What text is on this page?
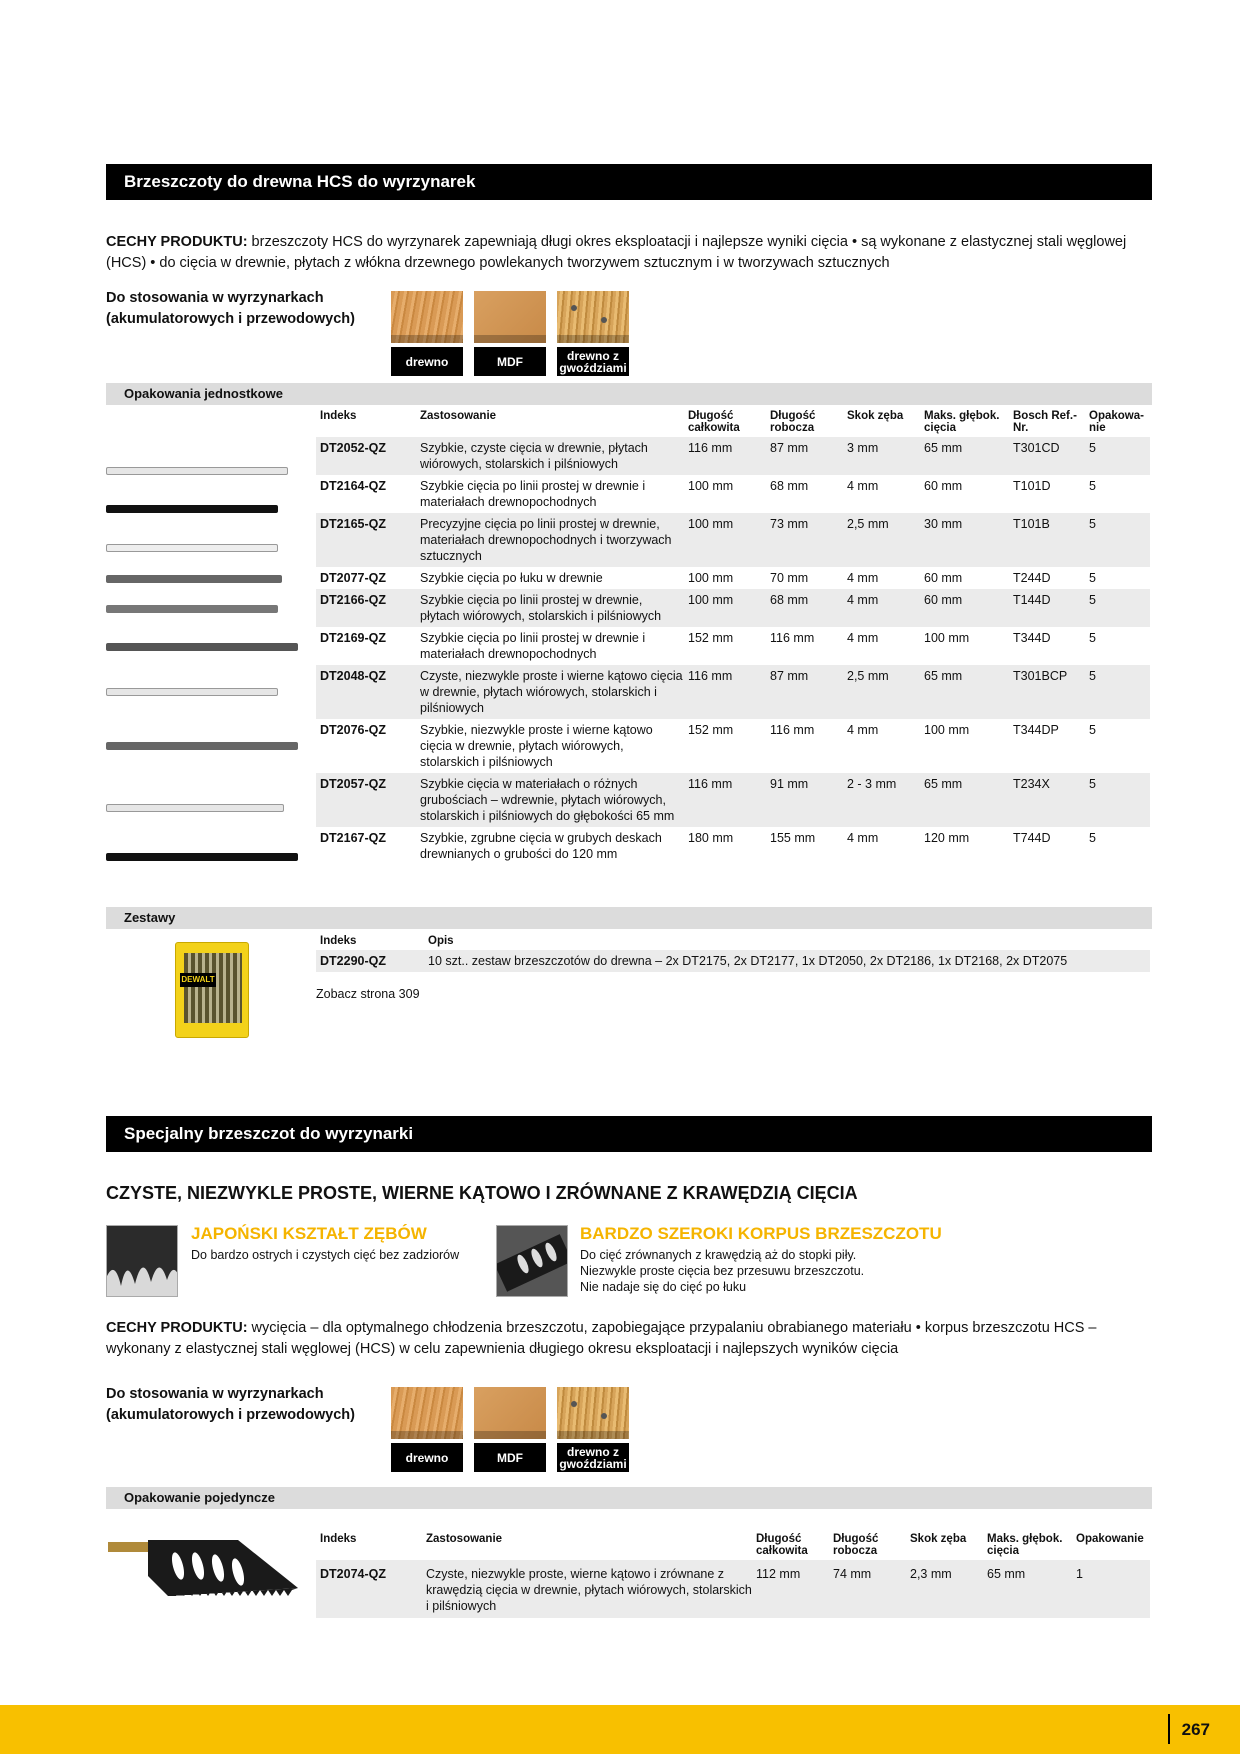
Brzeszczoty do drewna HCS do wyrzynarek
CECHY PRODUKTU: brzeszczoty HCS do wyrzynarek zapewniają długi okres eksploatacji i najlepsze wyniki cięcia • są wykonane z elastycznej stali węglowej (HCS) • do cięcia w drewnie, płytach z włókna drzewnego powlekanych tworzywem sztucznym i w tworzywach sztucznych
Do stosowania w wyrzynarkach
(akumulatorowych i przewodowych)
drewno	MDF	drewno z gwoździami
Opakowania jednostkowe
Indeks	Zastosowanie	Długość całkowita	Długość robocza	Skok zęba	Maks. głębok. cięcia	Bosch Ref.-Nr.	Opakowa-nie
DT2052-QZ	Szybkie, czyste cięcia w drewnie, płytach wiórowych, stolarskich i pilśniowych	116 mm	87 mm	3 mm	65 mm	T301CD	5
DT2164-QZ	Szybkie cięcia po linii prostej w drewnie i materiałach drewnopochodnych	100 mm	68 mm	4 mm	60 mm	T101D	5
DT2165-QZ	Precyzyjne cięcia po linii prostej w drewnie, materiałach drewnopochodnych i tworzywach sztucznych	100 mm	73 mm	2,5 mm	30 mm	T101B	5
DT2077-QZ	Szybkie cięcia po łuku w drewnie	100 mm	70 mm	4 mm	60 mm	T244D	5
DT2166-QZ	Szybkie cięcia po linii prostej w drewnie, płytach wiórowych, stolarskich i pilśniowych	100 mm	68 mm	4 mm	60 mm	T144D	5
DT2169-QZ	Szybkie cięcia po linii prostej w drewnie i materiałach drewnopochodnych	152 mm	116 mm	4 mm	100 mm	T344D	5
DT2048-QZ	Czyste, niezwykle proste i wierne kątowo cięcia w drewnie, płytach wiórowych, stolarskich i pilśniowych	116 mm	87 mm	2,5 mm	65 mm	T301BCP	5
DT2076-QZ	Szybkie, niezwykle proste i wierne kątowo cięcia w drewnie, płytach wiórowych, stolarskich i pilśniowych	152 mm	116 mm	4 mm	100 mm	T344DP	5
DT2057-QZ	Szybkie cięcia w materiałach o różnych grubościach – wdrewnie, płytach wiórowych, stolarskich i pilśniowych do głębokości 65 mm	116 mm	91 mm	2 - 3 mm	65 mm	T234X	5
DT2167-QZ	Szybkie, zgrubne cięcia w grubych deskach drewnianych o grubości do 120 mm	180 mm	155 mm	4 mm	120 mm	T744D	5
Zestawy
DEWALT
Indeks	Opis
DT2290-QZ	10 szt.. zestaw brzeszczotów do drewna – 2x DT2175, 2x DT2177, 1x DT2050, 2x DT2186, 1x DT2168, 2x DT2075
Zobacz strona 309
Specjalny brzeszczot do wyrzynarki
CZYSTE, NIEZWYKLE PROSTE, WIERNE KĄTOWO I ZRÓWNANE Z KRAWĘDZIĄ CIĘCIA
JAPOŃSKI KSZTAŁT ZĘBÓW
Do bardzo ostrych i czystych cięć bez zadziorów
BARDZO SZEROKI KORPUS BRZESZCZOTU
Do cięć zrównanych z krawędzią aż do stopki piły.
Niezwykle proste cięcia bez przesuwu brzeszczotu.
Nie nadaje się do cięć po łuku
CECHY PRODUKTU: wycięcia – dla optymalnego chłodzenia brzeszczotu, zapobiegające przypalaniu obrabianego materiału • korpus brzeszczotu HCS – wykonany z elastycznej stali węglowej (HCS) w celu zapewnienia długiego okresu eksploatacji i najlepszych wyników cięcia
Do stosowania w wyrzynarkach
(akumulatorowych i przewodowych)
drewno	MDF	drewno z gwoździami
Opakowanie pojedyncze
Indeks	Zastosowanie	Długość całkowita	Długość robocza	Skok zęba	Maks. głębok. cięcia	Opakowanie
DT2074-QZ	Czyste, niezwykle proste, wierne kątowo i zrównane z krawędzią cięcia w drewnie, płytach wiórowych, stolarskich i pilśniowych	112 mm	74 mm	2,3 mm	65 mm	1
267
